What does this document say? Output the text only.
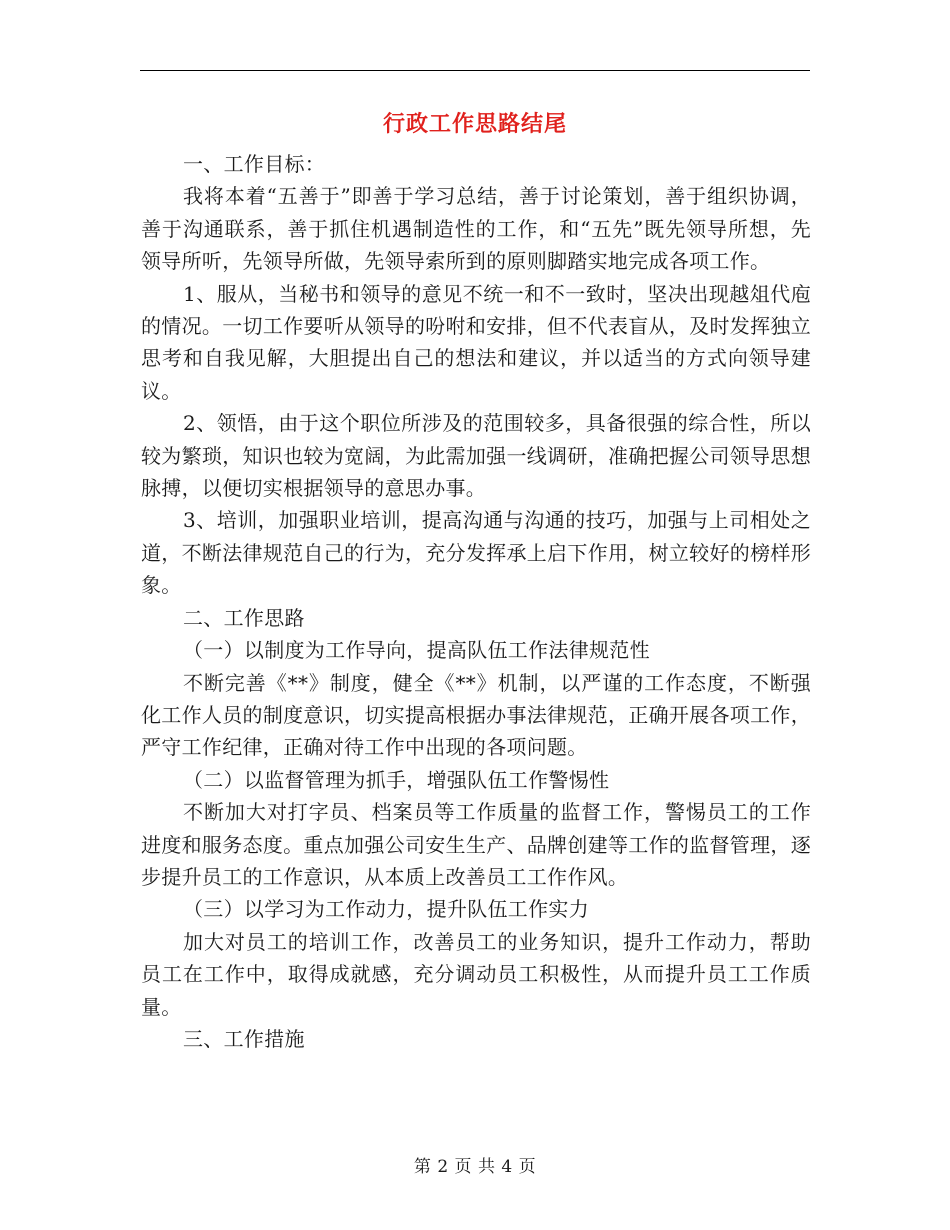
行政工作思路结尾

一、工作目标：

我将本着“五善于”即善于学习总结，善于讨论策划，善于组织协调，善于沟通联系，善于抓住机遇制造性的工作，和“五先”既先领导所想，先领导所听，先领导所做，先领导索所到的原则脚踏实地完成各项工作。

1、服从，当秘书和领导的意见不统一和不一致时，坚决出现越俎代庖的情况。一切工作要听从领导的吩咐和安排，但不代表盲从，及时发挥独立思考和自我见解，大胆提出自己的想法和建议，并以适当的方式向领导建议。

2、领悟，由于这个职位所涉及的范围较多，具备很强的综合性，所以较为繁琐，知识也较为宽阔，为此需加强一线调研，准确把握公司领导思想脉搏，以便切实根据领导的意思办事。

3、培训，加强职业培训，提高沟通与沟通的技巧，加强与上司相处之道，不断法律规范自己的行为，充分发挥承上启下作用，树立较好的榜样形象。

二、工作思路

（一）以制度为工作导向，提高队伍工作法律规范性

不断完善《**》制度，健全《**》机制，以严谨的工作态度，不断强化工作人员的制度意识，切实提高根据办事法律规范，正确开展各项工作，严守工作纪律，正确对待工作中出现的各项问题。

（二）以监督管理为抓手，增强队伍工作警惕性

不断加大对打字员、档案员等工作质量的监督工作，警惕员工的工作进度和服务态度。重点加强公司安生生产、品牌创建等工作的监督管理，逐步提升员工的工作意识，从本质上改善员工工作作风。

（三）以学习为工作动力，提升队伍工作实力

加大对员工的培训工作，改善员工的业务知识，提升工作动力，帮助员工在工作中，取得成就感，充分调动员工积极性，从而提升员工工作质量。

三、工作措施

第 2 页 共 4 页
